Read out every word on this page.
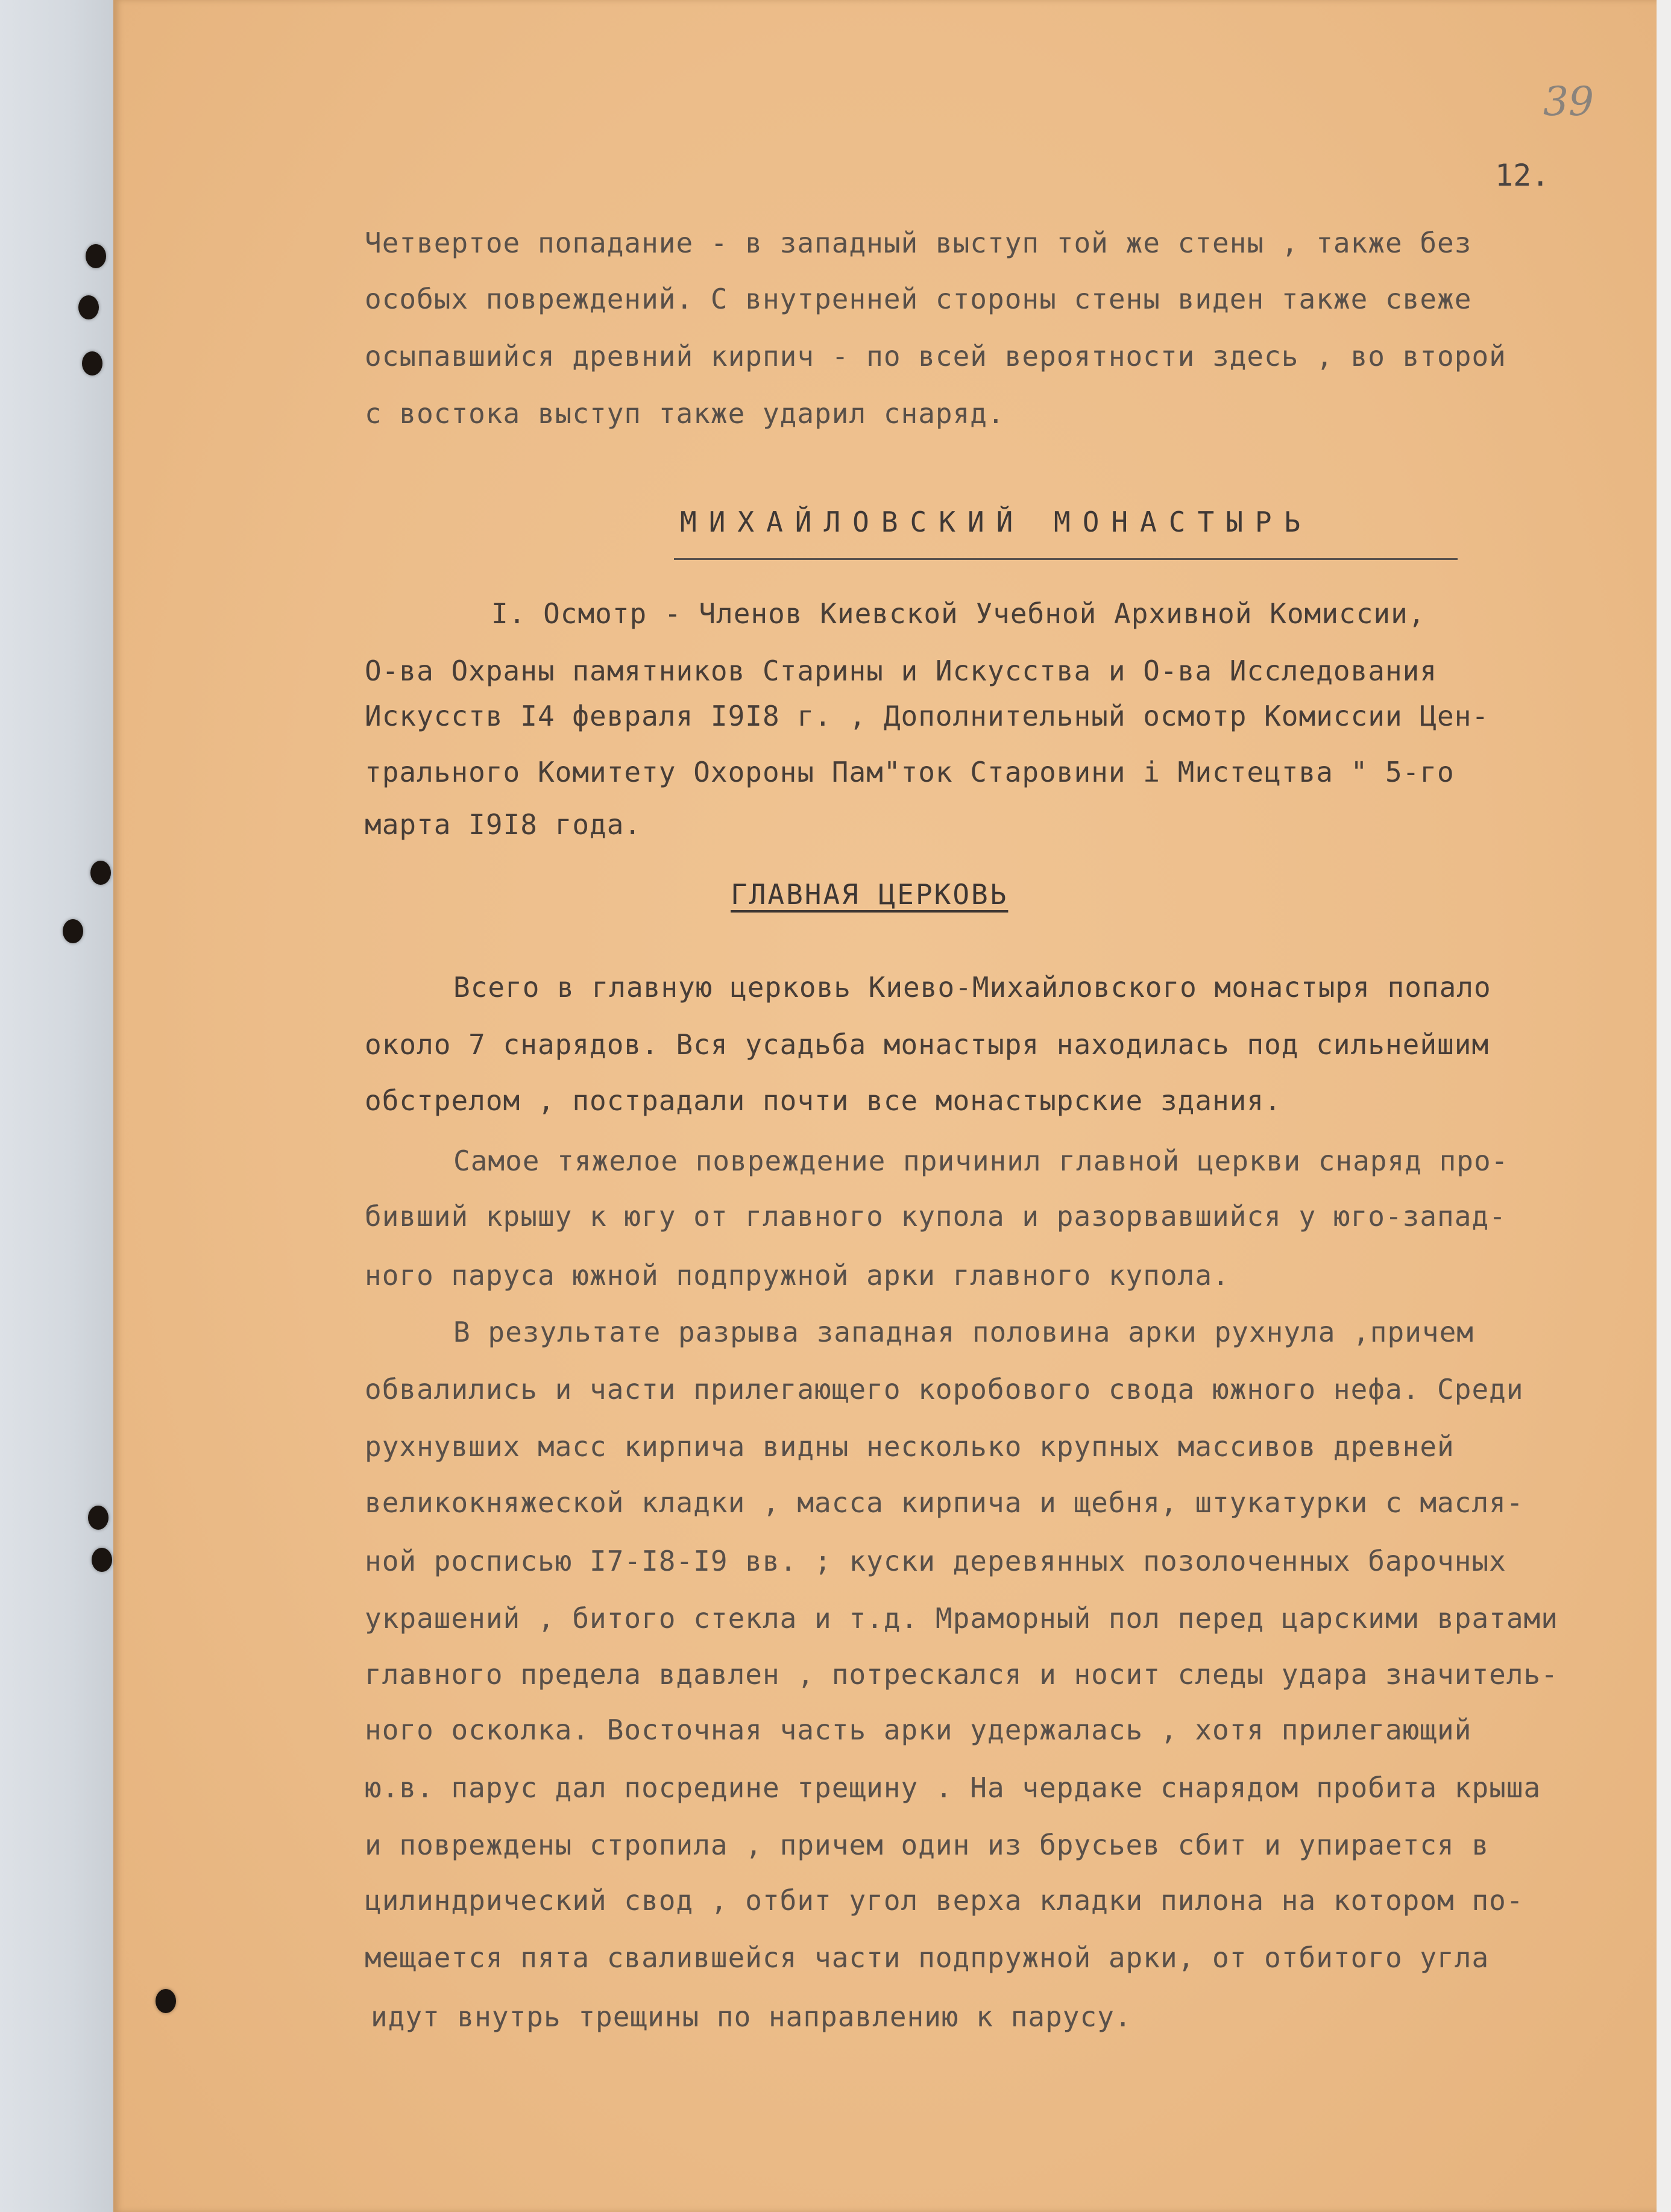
39
12.
Четвертое попадание - в западный выступ той же стены , также без
особых повреждений. С внутренней стороны стены виден также свеже
осыпавшийся древний кирпич - по всей вероятности здесь , во второй
с востока выступ также ударил снаряд.
МИХАЙЛОВСКИЙ МОНАСТЫРЬ
I. Осмотр - Членов Киевской Учебной Архивной Комиссии,
О-ва Охраны памятников Старины и Искусства и О-ва Исследования
Искусств I4 февраля I9I8 г. , Дополнительный осмотр Комиссии Цен-
трального Комитету Охороны Пам"ток Старовини i Мистецтва " 5-го
марта I9I8 года.
ГЛАВНАЯ ЦЕРКОВЬ
Всего в главную церковь Киево-Михайловского монастыря попало
около 7 снарядов. Вся усадьба монастыря находилась под сильнейшим
обстрелом , пострадали почти все монастырские здания.
Самое тяжелое повреждение причинил главной церкви снаряд про-
бивший крышу к югу от главного купола и разорвавшийся у юго-запад-
ного паруса южной подпружной арки главного купола.
В результате разрыва западная половина арки рухнула ,причем
обвалились и части прилегающего коробового свода южного нефа. Среди
рухнувших масс кирпича видны несколько крупных массивов древней
великокняжеской кладки , масса кирпича и щебня, штукатурки с масля-
ной росписью I7-I8-I9 вв. ; куски деревянных позолоченных барочных
украшений , битого стекла и т.д. Мраморный пол перед царскими вратами
главного предела вдавлен , потрескался и носит следы удара значитель-
ного осколка. Восточная часть арки удержалась , хотя прилегающий
ю.в. парус дал посредине трещину . На чердаке снарядом пробита крыша
и повреждены стропила , причем один из брусьев сбит и упирается в
цилиндрический свод , отбит угол верха кладки пилона на котором по-
мещается пята свалившейся части подпружной арки, от отбитого угла
идут внутрь трещины по направлению к парусу.
